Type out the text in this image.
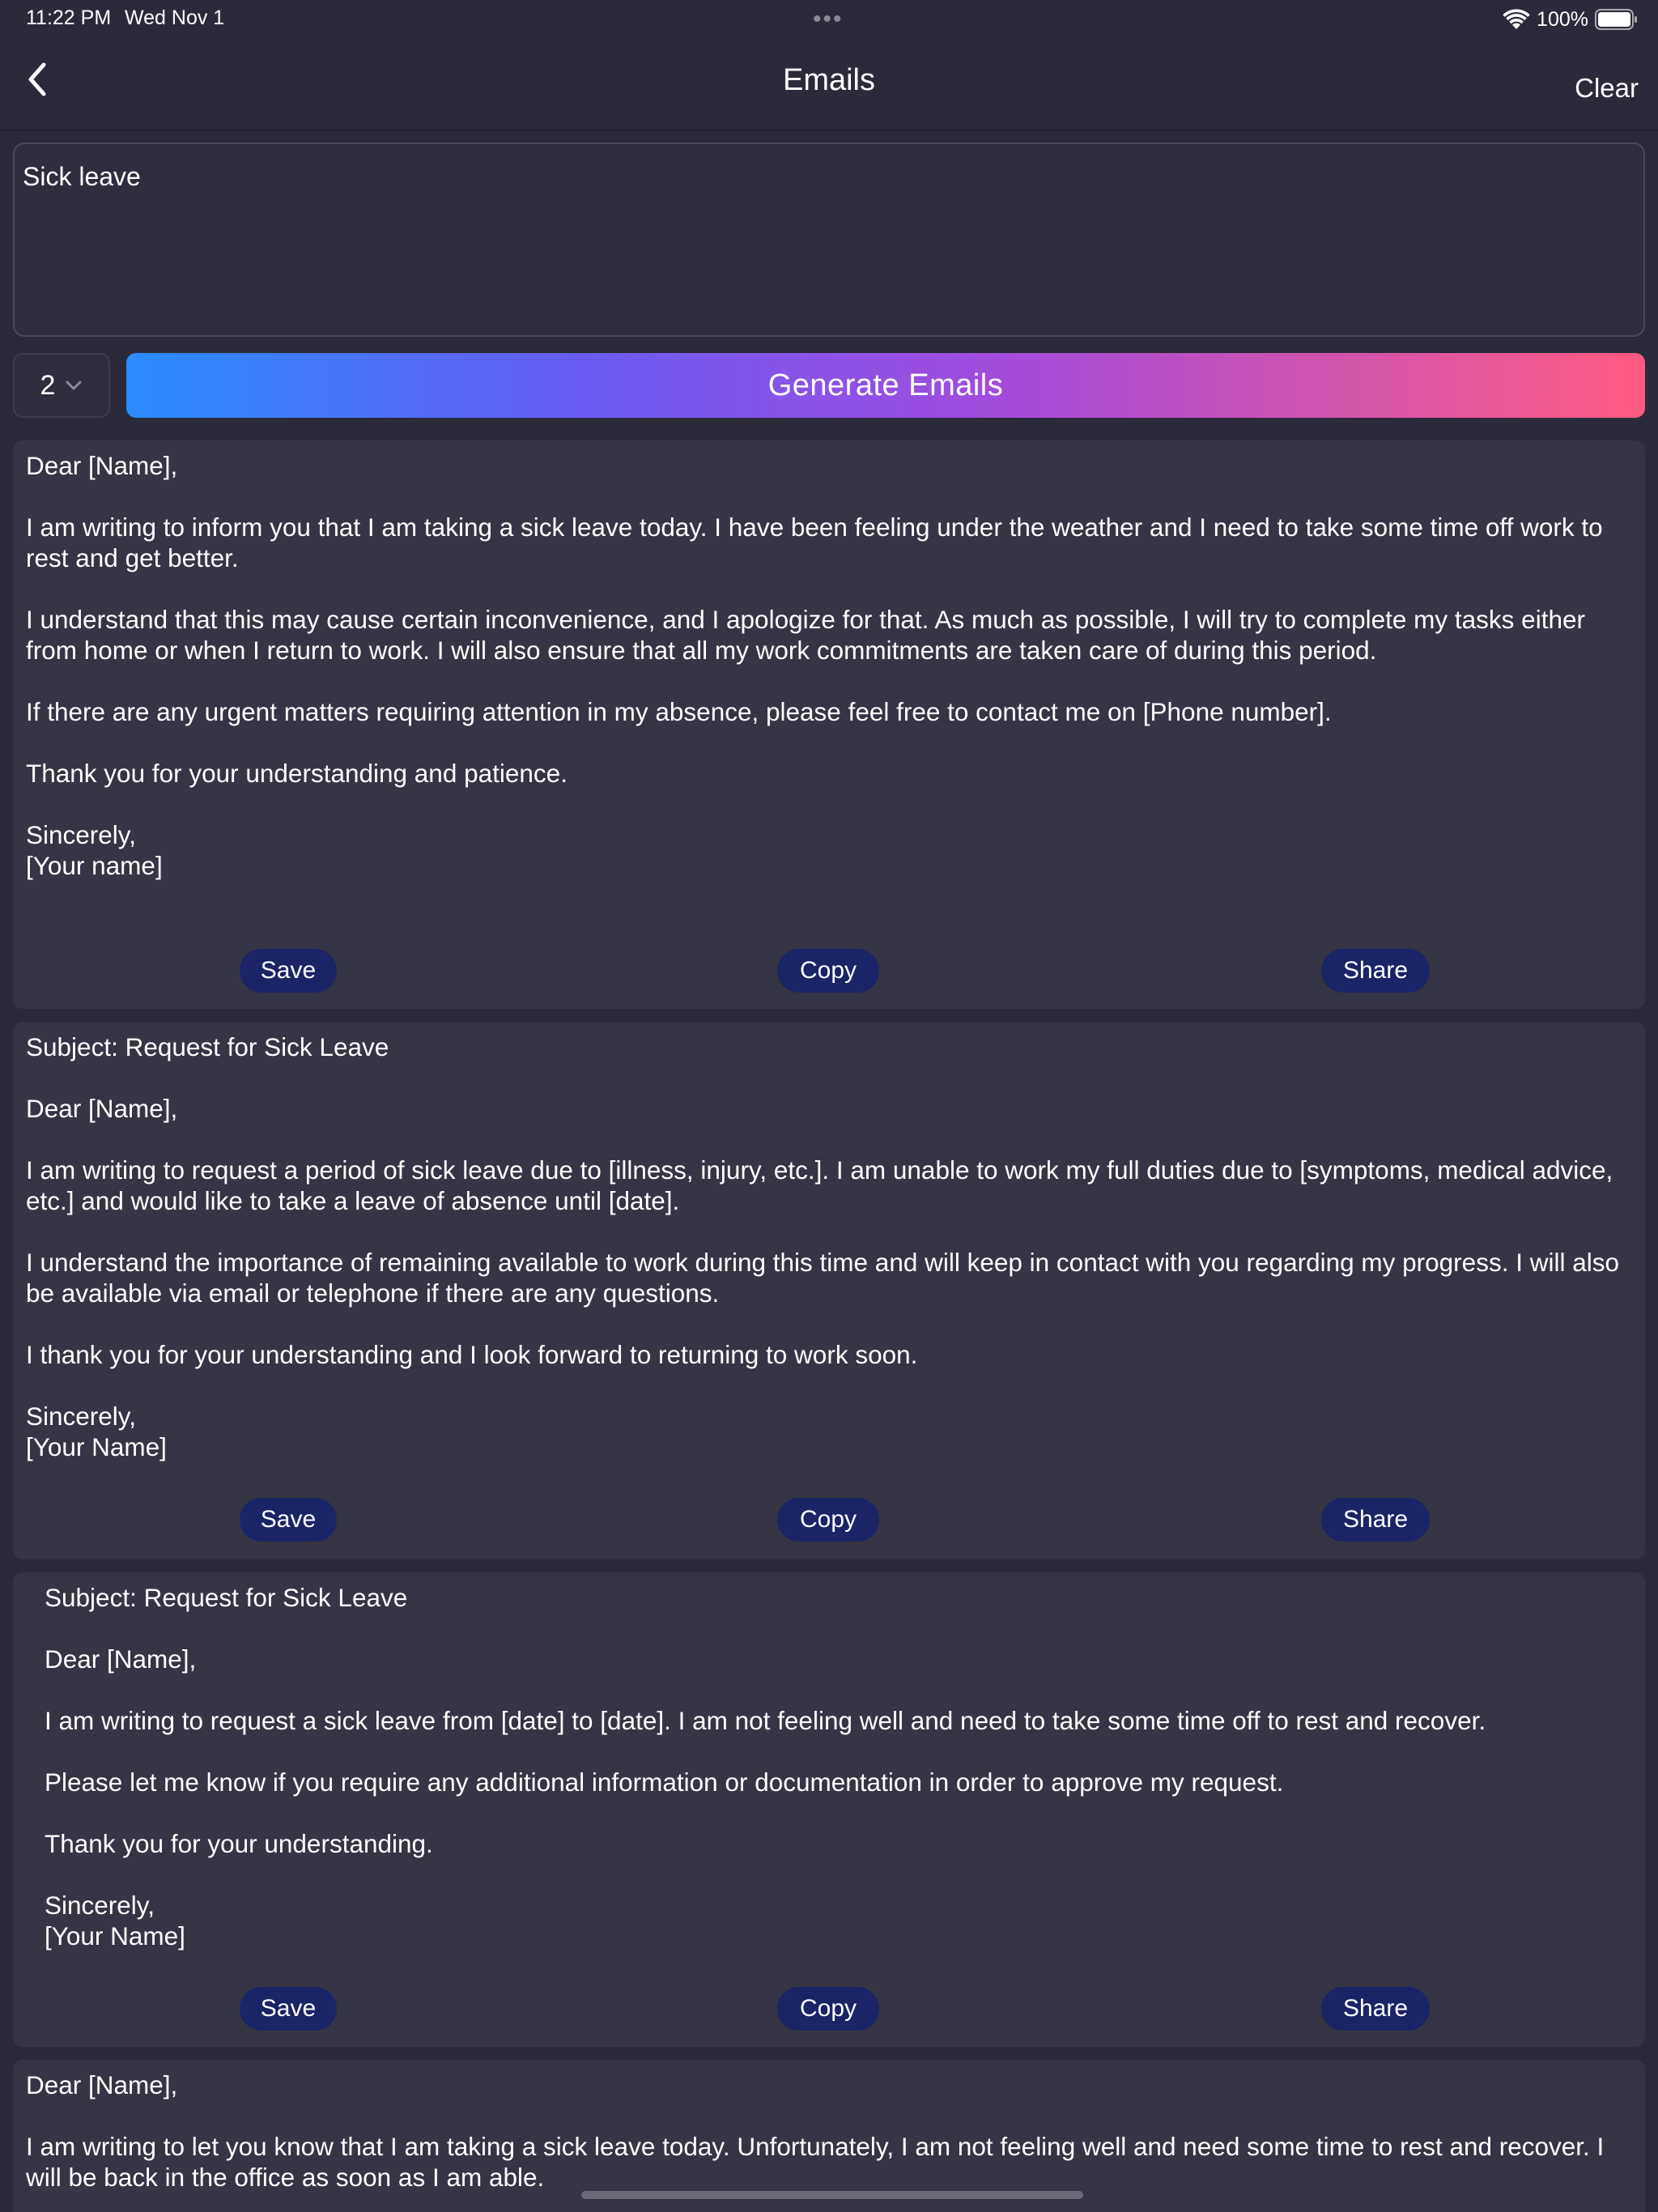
11:22 PM Wed Nov 1	•••	100%
Emails	Clear
Sick leave
2	Generate Emails
Dear [Name],

I am writing to inform you that I am taking a sick leave today. I have been feeling under the weather and I need to take some time off work to rest and get better.

I understand that this may cause certain inconvenience, and I apologize for that. As much as possible, I will try to complete my tasks either from home or when I return to work. I will also ensure that all my work commitments are taken care of during this period.

If there are any urgent matters requiring attention in my absence, please feel free to contact me on [Phone number].

Thank you for your understanding and patience.

Sincerely,
[Your name]
Save	Copy	Share
Subject: Request for Sick Leave

Dear [Name],

I am writing to request a period of sick leave due to [illness, injury, etc.]. I am unable to work my full duties due to [symptoms, medical advice, etc.] and would like to take a leave of absence until [date].

I understand the importance of remaining available to work during this time and will keep in contact with you regarding my progress. I will also be available via email or telephone if there are any questions.

I thank you for your understanding and I look forward to returning to work soon.

Sincerely,
[Your Name]
Save	Copy	Share
Subject: Request for Sick Leave

Dear [Name],

I am writing to request a sick leave from [date] to [date]. I am not feeling well and need to take some time off to rest and recover.

Please let me know if you require any additional information or documentation in order to approve my request.

Thank you for your understanding.

Sincerely,
[Your Name]
Save	Copy	Share
Dear [Name],

I am writing to let you know that I am taking a sick leave today. Unfortunately, I am not feeling well and need some time to rest and recover. I will be back in the office as soon as I am able.
